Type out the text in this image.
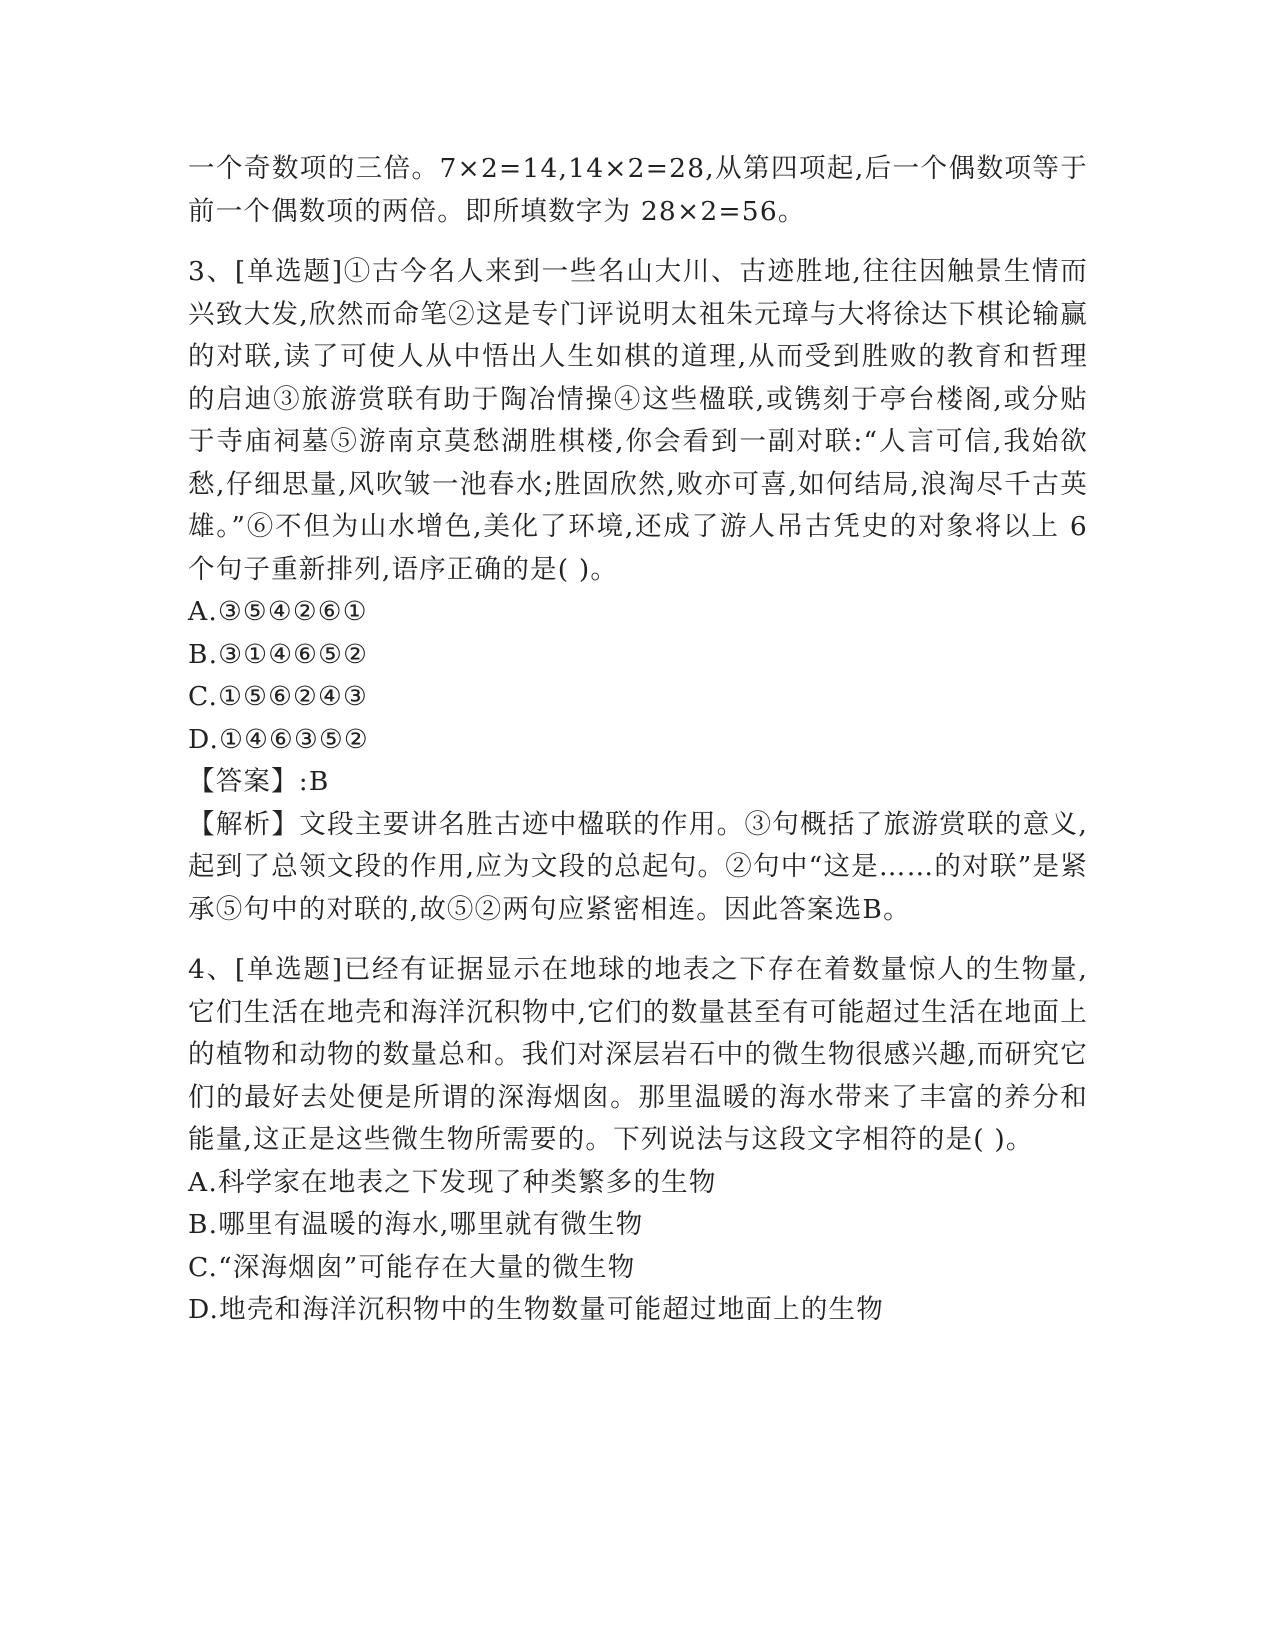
一个奇数项的三倍。7×2=14,14×2=28,从第四项起,后一个偶数项等于前一个偶数项的两倍。即所填数字为 28×2=56。

3、[单选题]①古今名人来到一些名山大川、古迹胜地,往往因触景生情而兴致大发,欣然而命笔②这是专门评说明太祖朱元璋与大将徐达下棋论输赢的对联,读了可使人从中悟出人生如棋的道理,从而受到胜败的教育和哲理的启迪③旅游赏联有助于陶冶情操④这些楹联,或镌刻于亭台楼阁,或分贴于寺庙祠墓⑤游南京莫愁湖胜棋楼,你会看到一副对联:“人言可信,我始欲愁,仔细思量,风吹皱一池春水;胜固欣然,败亦可喜,如何结局,浪淘尽千古英雄。”⑥不但为山水增色,美化了环境,还成了游人吊古凭史的对象将以上 6 个句子重新排列,语序正确的是( )。

A.③⑤④②⑥①

B.③①④⑥⑤②

C.①⑤⑥②④③

D.①④⑥③⑤②

【答案】:B

【解析】文段主要讲名胜古迹中楹联的作用。③句概括了旅游赏联的意义,起到了总领文段的作用,应为文段的总起句。②句中“这是……的对联”是紧承⑤句中的对联的,故⑤②两句应紧密相连。因此答案选B。

4、[单选题]已经有证据显示在地球的地表之下存在着数量惊人的生物量,它们生活在地壳和海洋沉积物中,它们的数量甚至有可能超过生活在地面上的植物和动物的数量总和。我们对深层岩石中的微生物很感兴趣,而研究它们的最好去处便是所谓的深海烟囱。那里温暖的海水带来了丰富的养分和能量,这正是这些微生物所需要的。下列说法与这段文字相符的是( )。

A.科学家在地表之下发现了种类繁多的生物

B.哪里有温暖的海水,哪里就有微生物

C.“深海烟囱”可能存在大量的微生物

D.地壳和海洋沉积物中的生物数量可能超过地面上的生物
